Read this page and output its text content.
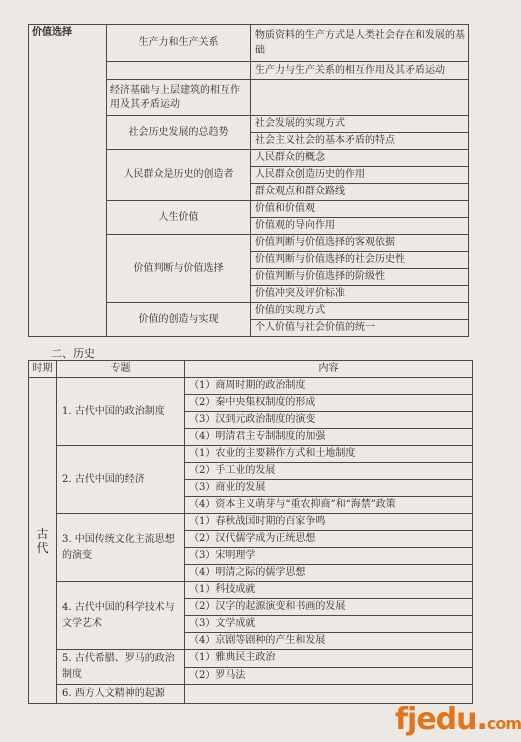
价值选择	生产力和生产关系	物质资料的生产方式是人类社会存在和发展的基础

		生产力与生产关系的相互作用及其矛盾运动
	经济基础与上层建筑的相互作用及其矛盾运动	
	社会历史发展的总趋势	社会发展的实现方式
		社会主义社会的基本矛盾的特点
	人民群众是历史的创造者	人民群众的概念
		人民群众创造历史的作用
		群众观点和群众路线
	人生价值	价值和价值观
		价值观的导向作用
	价值判断与价值选择	价值判断与价值选择的客观依据
		价值判断与价值选择的社会历史性
		价值判断与价值选择的阶级性
		价值冲突及评价标准
	价值的创造与实现	价值的实现方式
		个人价值与社会价值的统一
二、历史
时期	专题	内容
古代	1. 古代中国的政治制度	（1）商周时期的政治制度
		（2）秦中央集权制度的形成
		（3）汉到元政治制度的演变
		（4）明清君主专制制度的加强
	2. 古代中国的经济	（1）农业的主要耕作方式和土地制度
		（2）手工业的发展
		（3）商业的发展
		（4）资本主义萌芽与“重农抑商”和“海禁”政策
	3. 中国传统文化主流思想的演变	（1）春秋战国时期的百家争鸣
		（2）汉代儒学成为正统思想
		（3）宋明理学
		（4）明清之际的儒学思想
	4. 古代中国的科学技术与文学艺术	（1）科技成就
		（2）汉字的起源演变和书画的发展
		（3）文学成就
		（4）京剧等剧种的产生和发展
	5. 古代希腊、罗马的政治制度	（1）雅典民主政治
		（2）罗马法
	6. 西方人文精神的起源	
fjedu.com
